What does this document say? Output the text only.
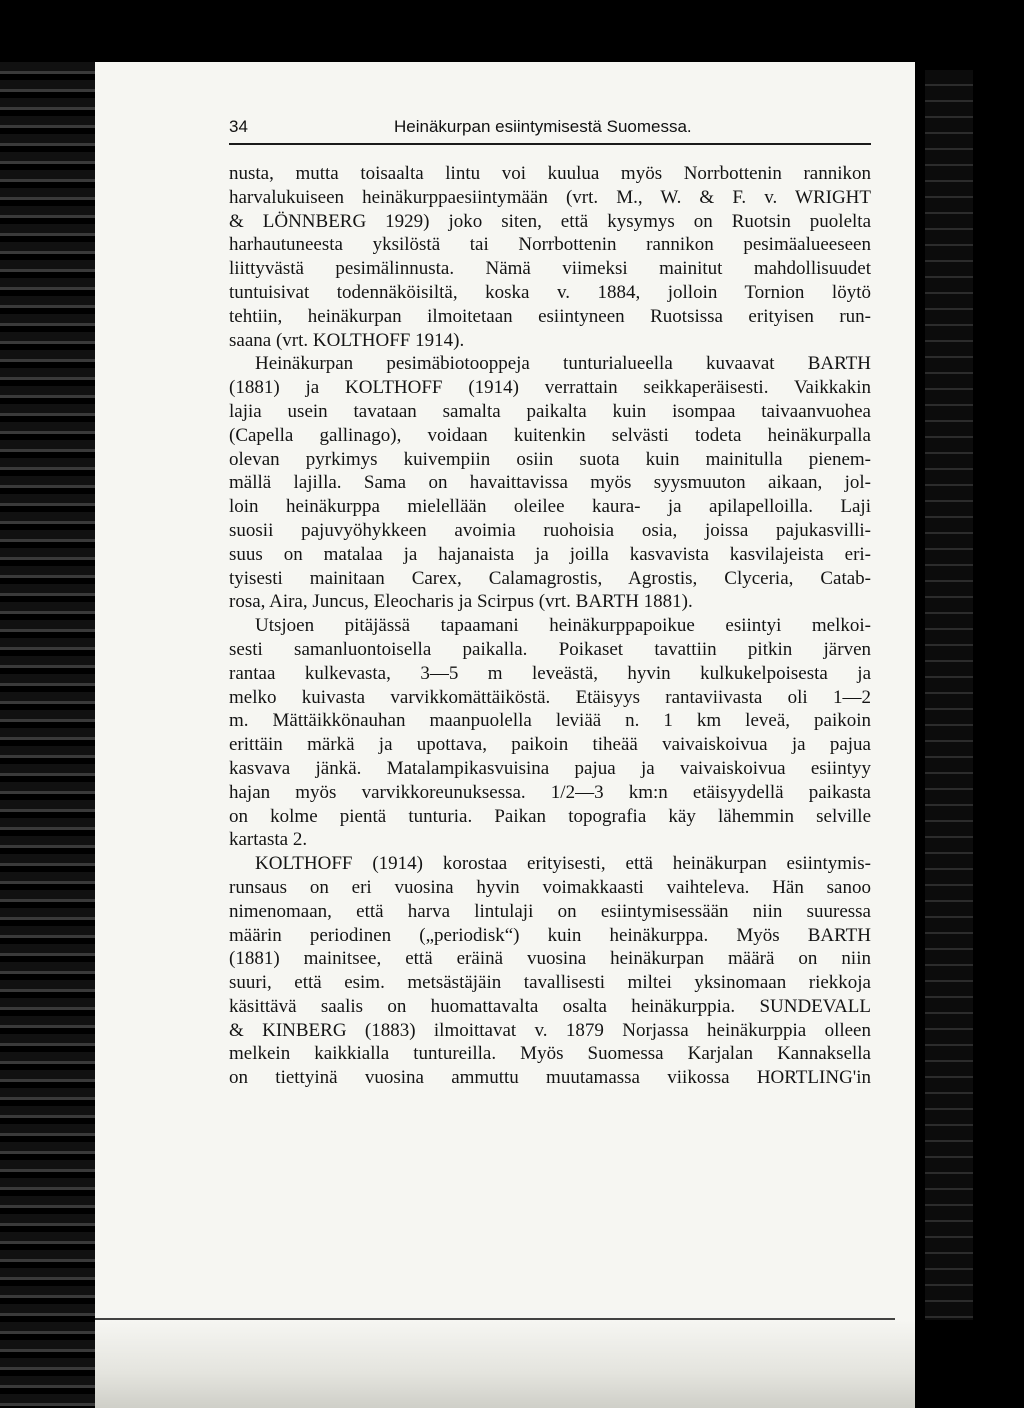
34	Heinäkurpan esiintymisestä Suomessa.
nusta, mutta toisaalta lintu voi kuulua myös Norrbottenin rannikon
harvalukuiseen heinäkurppaesiintymään (vrt. M., W. & F. v. WRIGHT
& LÖNNBERG 1929) joko siten, että kysymys on Ruotsin puolelta
harhautuneesta yksilöstä tai Norrbottenin rannikon pesimäalueeseen
liittyvästä pesimälinnusta. Nämä viimeksi mainitut mahdollisuudet
tuntuisivat todennäköisiltä, koska v. 1884, jolloin Tornion löytö
tehtiin, heinäkurpan ilmoitetaan esiintyneen Ruotsissa erityisen run-
saana (vrt. KOLTHOFF 1914).
Heinäkurpan pesimäbiotooppeja tunturialueella kuvaavat BARTH
(1881) ja KOLTHOFF (1914) verrattain seikkaperäisesti. Vaikkakin
lajia usein tavataan samalta paikalta kuin isompaa taivaanvuohea
(Capella gallinago), voidaan kuitenkin selvästi todeta heinäkurpalla
olevan pyrkimys kuivempiin osiin suota kuin mainitulla pienem-
mällä lajilla. Sama on havaittavissa myös syysmuuton aikaan, jol-
loin heinäkurppa mielellään oleilee kaura- ja apilapelloilla. Laji
suosii pajuvyöhykkeen avoimia ruohoisia osia, joissa pajukasvilli-
suus on matalaa ja hajanaista ja joilla kasvavista kasvilajeista eri-
tyisesti mainitaan Carex, Calamagrostis, Agrostis, Clyceria, Catab-
rosa, Aira, Juncus, Eleocharis ja Scirpus (vrt. BARTH 1881).
Utsjoen pitäjässä tapaamani heinäkurppapoikue esiintyi melkoi-
sesti samanluontoisella paikalla. Poikaset tavattiin pitkin järven
rantaa kulkevasta, 3—5 m leveästä, hyvin kulkukelpoisesta ja
melko kuivasta varvikkomättäiköstä. Etäisyys rantaviivasta oli 1—2
m. Mättäikkönauhan maanpuolella leviää n. 1 km leveä, paikoin
erittäin märkä ja upottava, paikoin tiheää vaivaiskoivua ja pajua
kasvava jänkä. Matalampikasvuisina pajua ja vaivaiskoivua esiintyy
hajan myös varvikkoreunuksessa. 1/2—3 km:n etäisyydellä paikasta
on kolme pientä tunturia. Paikan topografia käy lähemmin selville
kartasta 2.
KOLTHOFF (1914) korostaa erityisesti, että heinäkurpan esiintymis-
runsaus on eri vuosina hyvin voimakkaasti vaihteleva. Hän sanoo
nimenomaan, että harva lintulaji on esiintymisessään niin suuressa
määrin periodinen („periodisk“) kuin heinäkurppa. Myös BARTH
(1881) mainitsee, että eräinä vuosina heinäkurpan määrä on niin
suuri, että esim. metsästäjäin tavallisesti miltei yksinomaan riekkoja
käsittävä saalis on huomattavalta osalta heinäkurppia. SUNDEVALL
& KINBERG (1883) ilmoittavat v. 1879 Norjassa heinäkurppia olleen
melkein kaikkialla tuntureilla. Myös Suomessa Karjalan Kannaksella
on tiettyinä vuosina ammuttu muutamassa viikossa HORTLING'in
